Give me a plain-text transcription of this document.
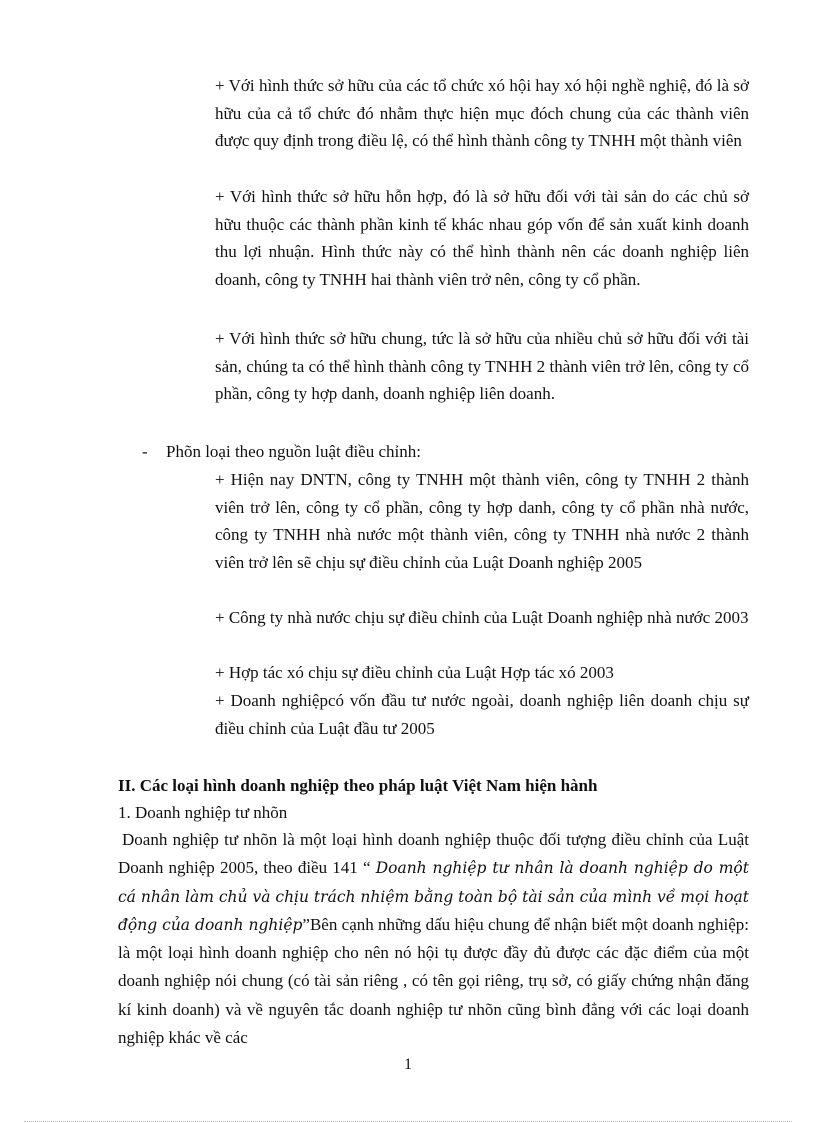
+ Với hình thức sở hữu của các tổ chức xó hội hay xó hội nghề nghiệ, đó là sở hữu của cả tổ chức đó nhằm thực hiện mục đóch chung của các thành viên được quy định trong điều lệ, có thể hình thành công ty TNHH một thành viên

+ Với hình thức sở hữu hỗn hợp, đó là sở hữu đối với tài sản do các chủ sở hữu thuộc các thành phần kinh tế khác nhau góp vốn để sản xuất kinh doanh thu lợi nhuận. Hình thức này có thể hình thành nên các doanh nghiệp liên doanh, công ty TNHH hai thành viên trở nên, công ty cổ phần.

+ Với hình thức sở hữu chung, tức là sở hữu của nhiều chủ sở hữu đối với tài sản, chúng ta có thể hình thành công ty TNHH 2 thành viên trở lên, công ty cổ phần, công ty hợp danh, doanh nghiệp liên doanh.

- Phõn loại theo nguồn luật điều chỉnh:

+ Hiện nay DNTN, công ty TNHH một thành viên, công ty TNHH 2 thành viên trở lên, công ty cổ phần, công ty hợp danh, công ty cổ phần nhà nước, công ty TNHH nhà nước một thành viên, công ty TNHH nhà nước 2 thành viên trở lên sẽ chịu sự điều chỉnh của Luật Doanh nghiệp 2005

+ Công ty nhà nước chịu sự điều chỉnh của Luật Doanh nghiệp nhà nước 2003

+ Hợp tác xó chịu sự điều chỉnh của Luật Hợp tác xó 2003

+ Doanh nghiệpcó vốn đầu tư nước ngoài, doanh nghiệp liên doanh chịu sự điều chỉnh của Luật đầu tư 2005

II. Các loại hình doanh nghiệp theo pháp luật Việt Nam hiện hành
1. Doanh nghiệp tư nhõn

Doanh nghiệp tư nhõn là một loại hình doanh nghiệp thuộc đối tượng điều chỉnh của Luật Doanh nghiệp 2005, theo điều 141 “ Doanh nghiệp tư nhân là doanh nghiệp do một cá nhân làm chủ và chịu trách nhiệm bằng toàn bộ tài sản của mình về mọi hoạt động của doanh nghiệp”Bên cạnh những dấu hiệu chung để nhận biết một doanh nghiệp: là một loại hình doanh nghiệp cho nên nó hội tụ được đầy đủ được các đặc điểm của một doanh nghiệp nói chung (có tài sản riêng , có tên gọi riêng, trụ sở, có giấy chứng nhận đăng kí kinh doanh) và về nguyên tắc doanh nghiệp tư nhõn cũng bình đẳng với các loại doanh nghiệp khác về các

1
